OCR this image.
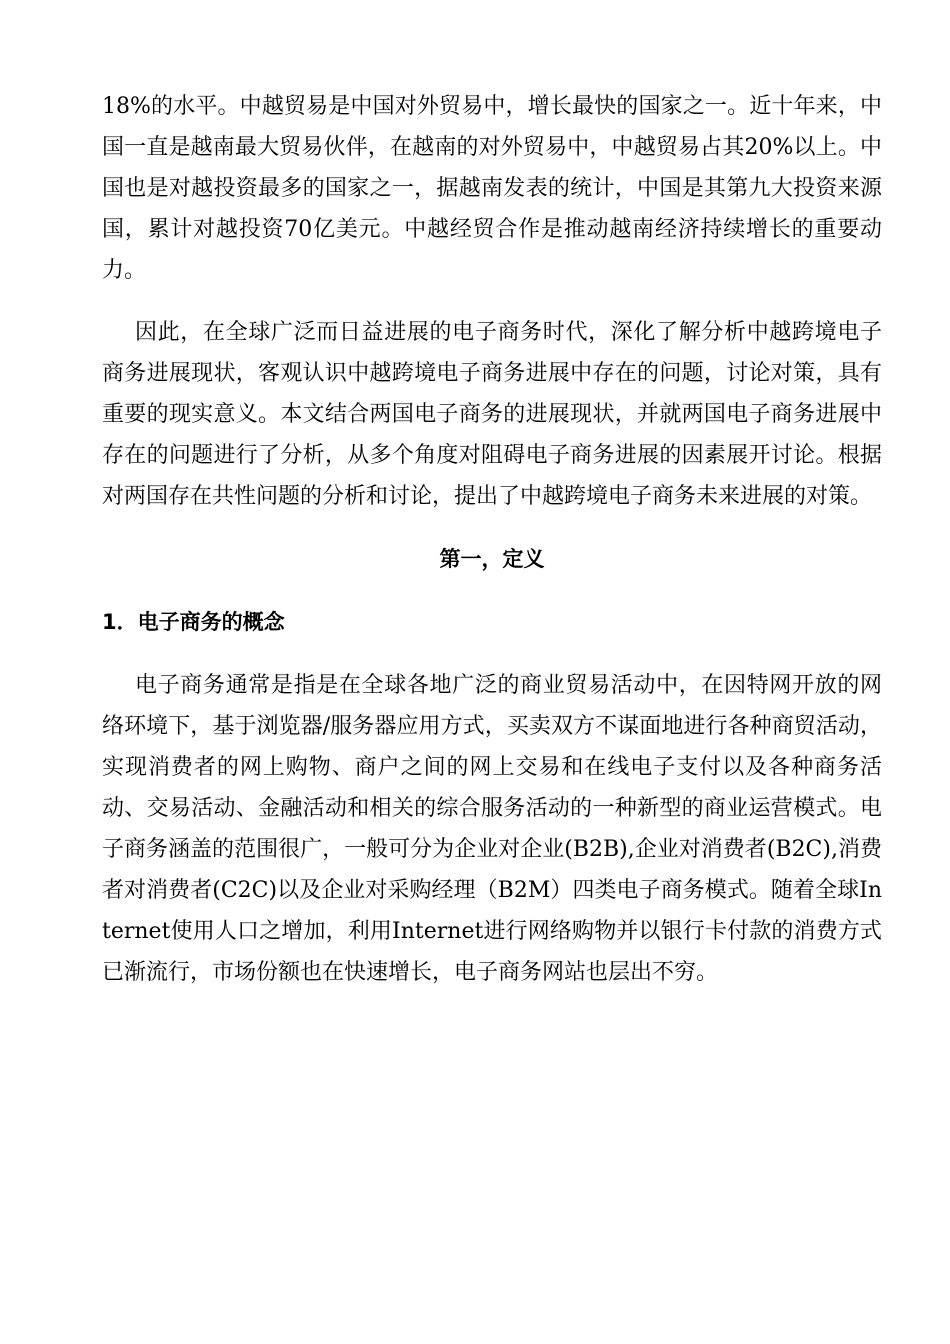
18%的水平。中越贸易是中国对外贸易中，增长最快的国家之一。近十年来，中国一直是越南最大贸易伙伴，在越南的对外贸易中，中越贸易占其20%以上。中国也是对越投资最多的国家之一，据越南发表的统计，中国是其第九大投资来源国，累计对越投资70亿美元。中越经贸合作是推动越南经济持续增长的重要动力。

因此，在全球广泛而日益进展的电子商务时代，深化了解分析中越跨境电子商务进展现状，客观认识中越跨境电子商务进展中存在的问题，讨论对策，具有重要的现实意义。本文结合两国电子商务的进展现状，并就两国电子商务进展中存在的问题进行了分析，从多个角度对阻碍电子商务进展的因素展开讨论。根据对两国存在共性问题的分析和讨论，提出了中越跨境电子商务未来进展的对策。

第一，定义
1．电子商务的概念

电子商务通常是指是在全球各地广泛的商业贸易活动中，在因特网开放的网络环境下，基于浏览器/服务器应用方式，买卖双方不谋面地进行各种商贸活动，实现消费者的网上购物、商户之间的网上交易和在线电子支付以及各种商务活动、交易活动、金融活动和相关的综合服务活动的一种新型的商业运营模式。电子商务涵盖的范围很广，一般可分为企业对企业(B2B),企业对消费者(B2C),消费者对消费者(C2C)以及企业对采购经理（B2M）四类电子商务模式。随着全球Internet使用人口之增加，利用Internet进行网络购物并以银行卡付款的消费方式已渐流行，市场份额也在快速增长，电子商务网站也层出不穷。
